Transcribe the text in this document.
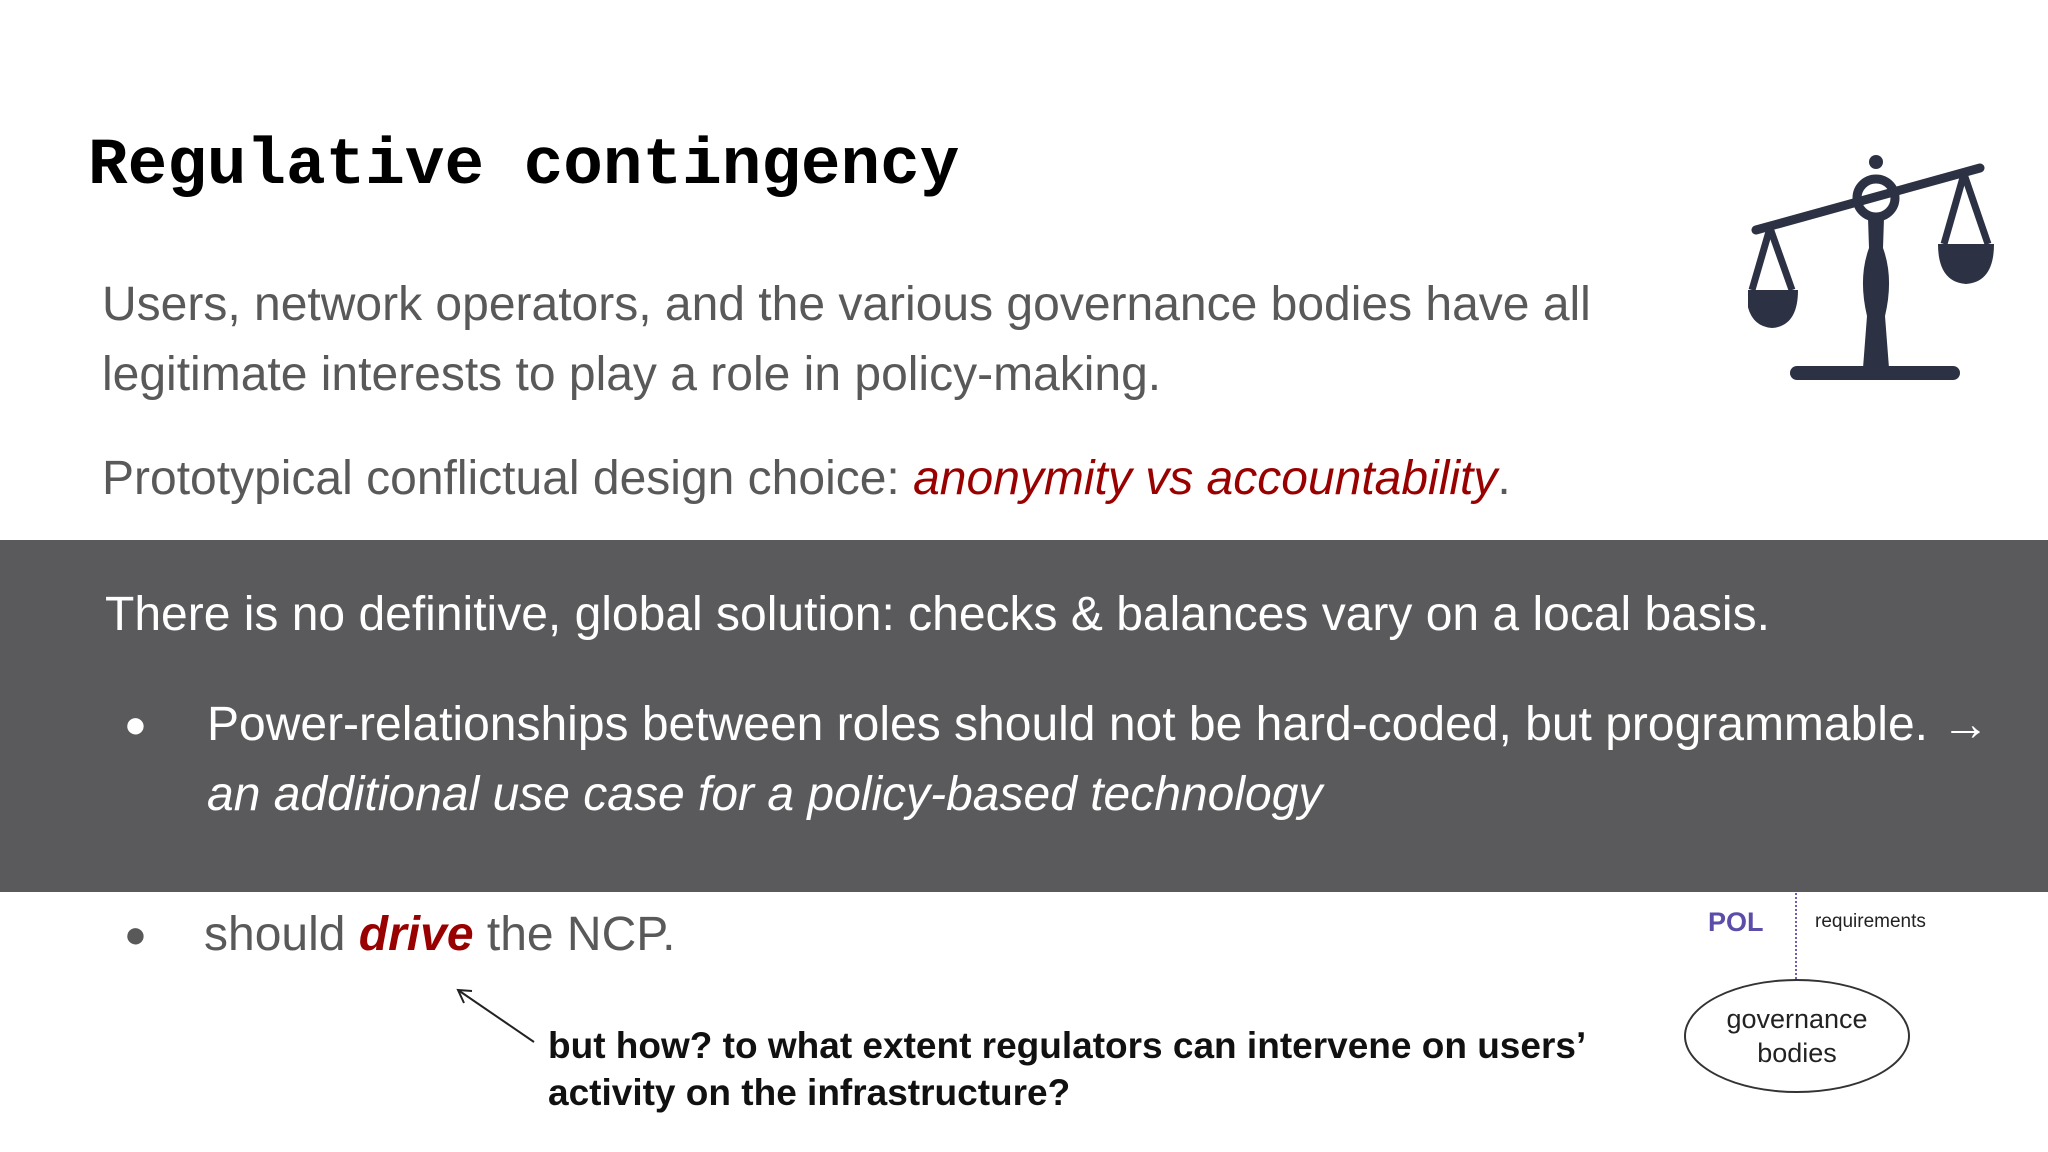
Regulative contingency

Users, network operators, and the various governance bodies have all legitimate interests to play a role in policy-making.

Prototypical conflictual design choice: anonymity vs accountability.

There is no definitive, global solution: checks & balances vary on a local basis.

● Power-relationships between roles should not be hard-coded, but programmable. → an additional use case for a policy-based technology

● should drive the NCP.

but how? to what extent regulators can intervene on users’ activity on the infrastructure?

POL	requirements
governance bodies
